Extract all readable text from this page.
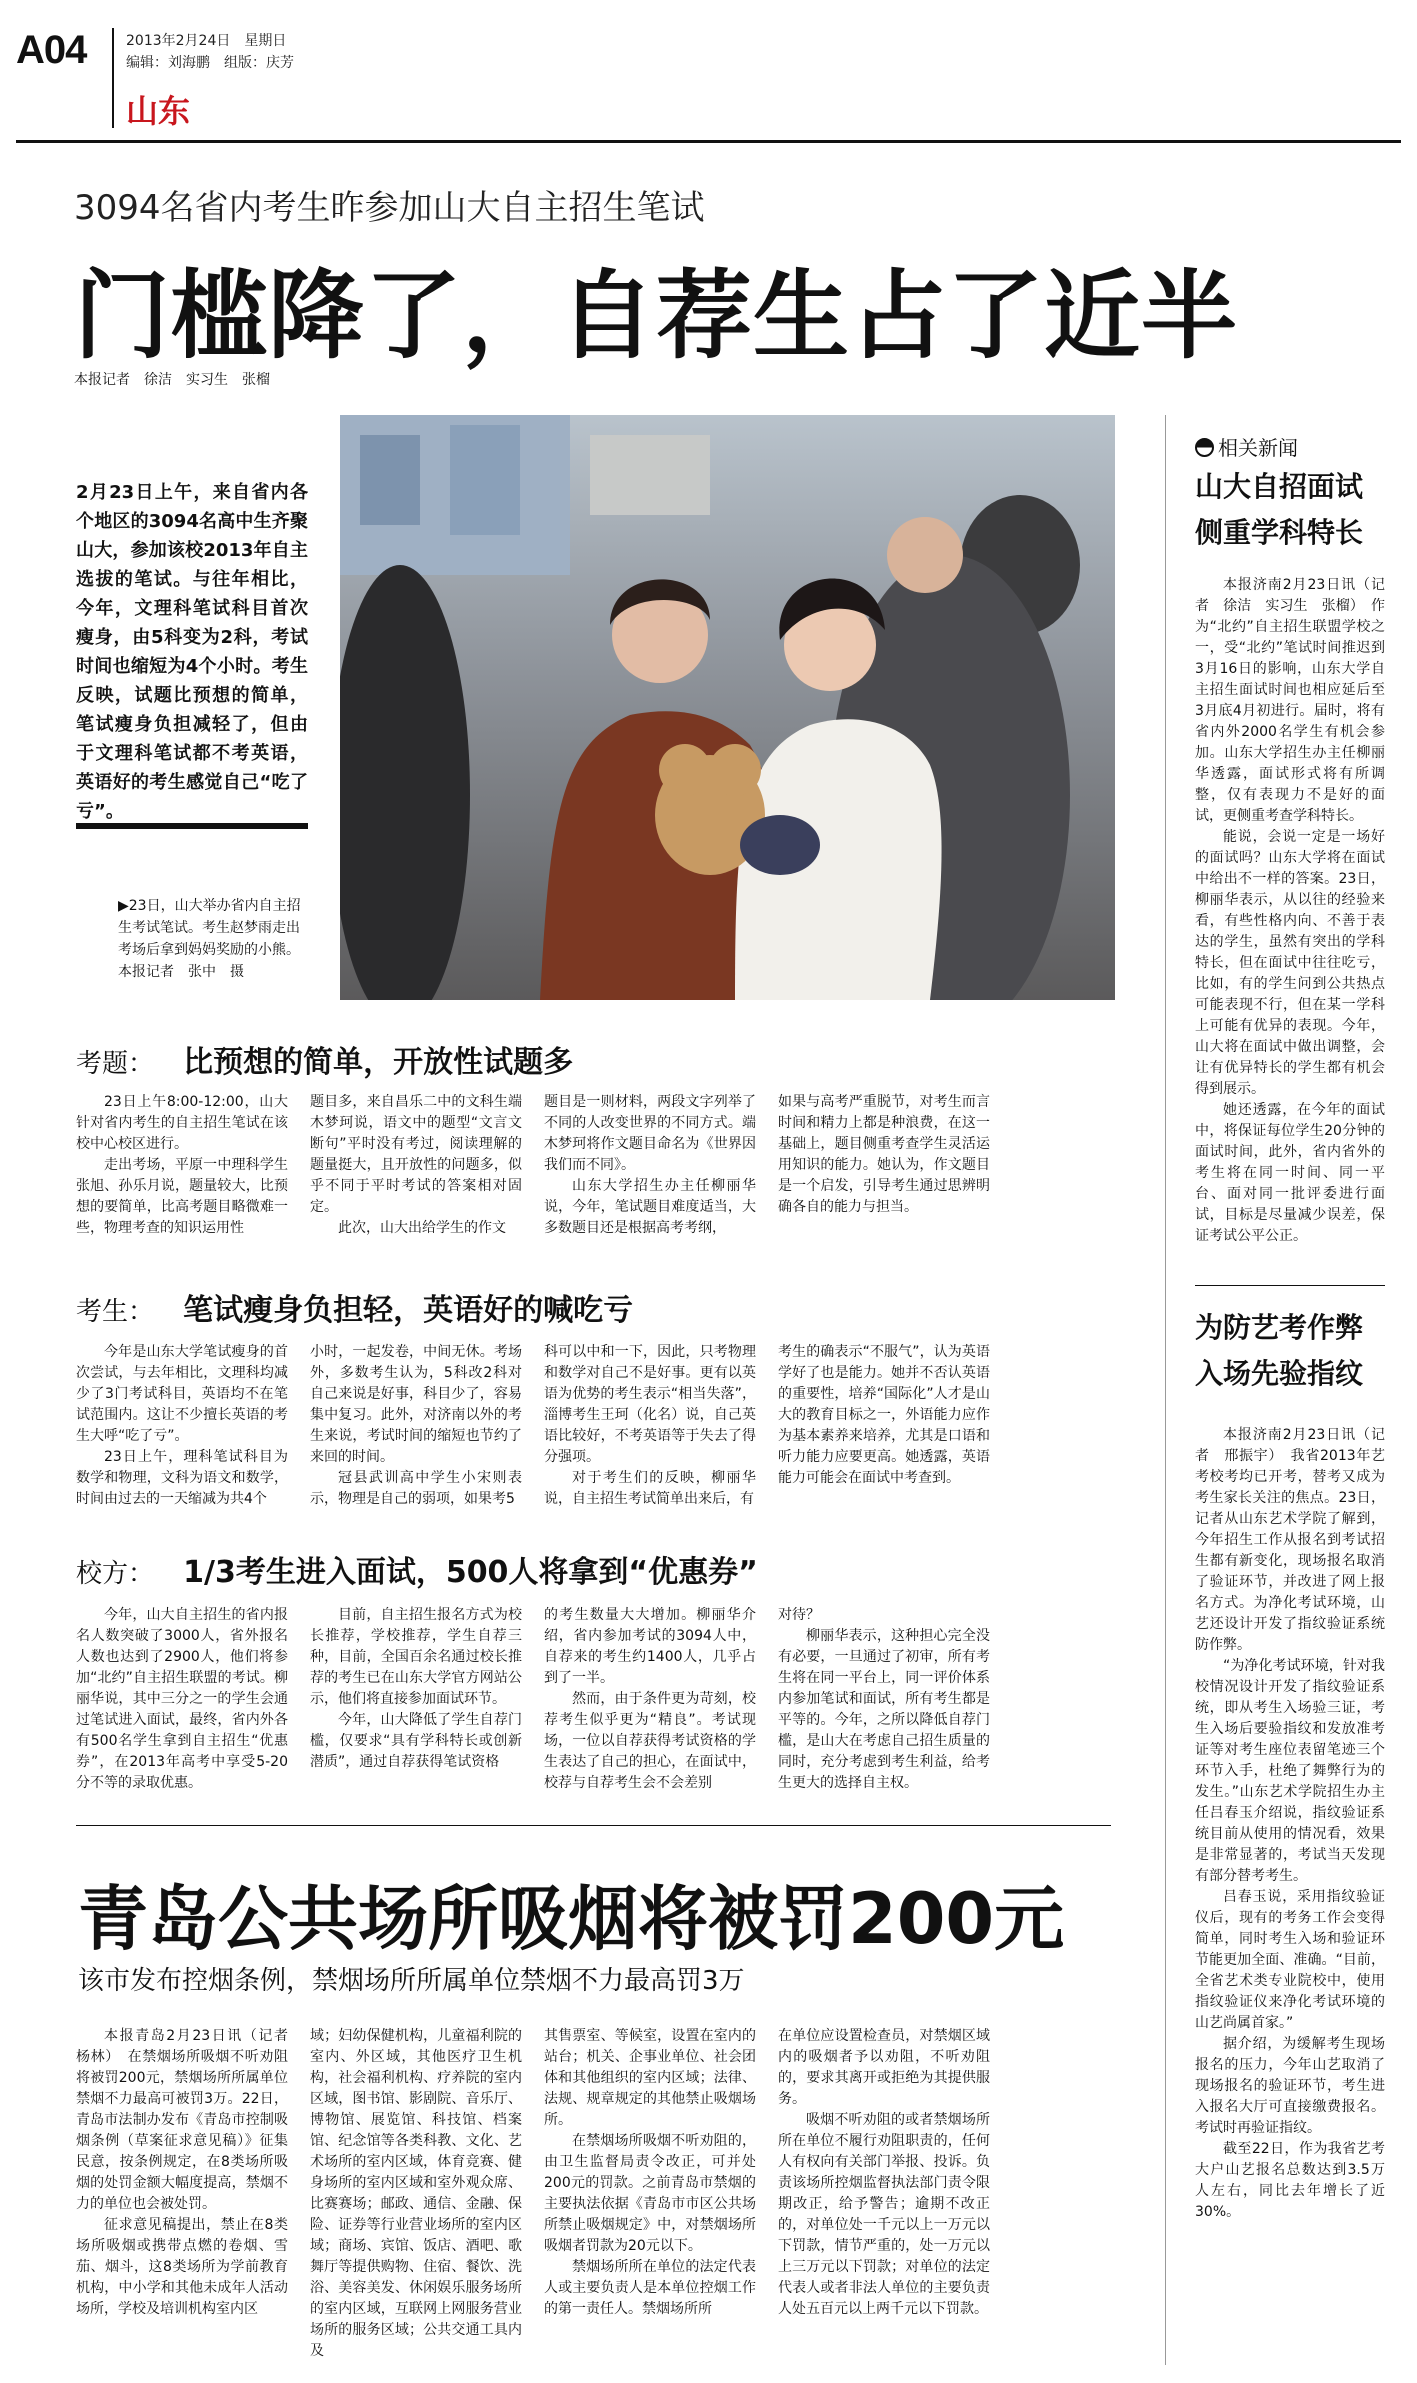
A04	2013年2月24日　星期日
编辑：刘海鹏　组版：庆芳
山东
3094名省内考生昨参加山大自主招生笔试
门槛降了，自荐生占了近半
本报记者　徐洁　实习生　张榴
2月23日上午，来自省内各个地区的3094名高中生齐聚山大，参加该校2013年自主选拔的笔试。与往年相比，今年，文理科笔试科目首次瘦身，由5科变为2科，考试时间也缩短为4个小时。考生反映，试题比预想的简单，笔试瘦身负担减轻了，但由于文理科笔试都不考英语，英语好的考生感觉自己“吃了亏”。
▶23日，山大举办省内自主招生考试笔试。考生赵梦雨走出考场后拿到妈妈奖励的小熊。　本报记者　张中　摄
考题： 比预想的简单，开放性试题多

23日上午8:00-12:00，山大针对省内考生的自主招生笔试在该校中心校区进行。

走出考场，平原一中理科学生张旭、孙乐月说，题量较大，比预想的要简单，比高考题目略微难一些，物理考查的知识运用性

题目多，来自昌乐二中的文科生端木梦珂说，语文中的题型“文言文断句”平时没有考过，阅读理解的题量挺大，且开放性的问题多，似乎不同于平时考试的答案相对固定。

此次，山大出给学生的作文

题目是一则材料，两段文字列举了不同的人改变世界的不同方式。端木梦珂将作文题目命名为《世界因我们而不同》。

山东大学招生办主任柳丽华说，今年，笔试题目难度适当，大多数题目还是根据高考考纲，

如果与高考严重脱节，对考生而言时间和精力上都是种浪费，在这一基础上，题目侧重考查学生灵活运用知识的能力。她认为，作文题目是一个启发，引导考生通过思辨明确各自的能力与担当。

考生： 笔试瘦身负担轻，英语好的喊吃亏

今年是山东大学笔试瘦身的首次尝试，与去年相比，文理科均减少了3门考试科目，英语均不在笔试范围内。这让不少擅长英语的考生大呼“吃了亏”。

23日上午，理科笔试科目为数学和物理，文科为语文和数学，时间由过去的一天缩减为共4个

小时，一起发卷，中间无休。考场外，多数考生认为，5科改2科对自己来说是好事，科目少了，容易集中复习。此外，对济南以外的考生来说，考试时间的缩短也节约了来回的时间。

冠县武训高中学生小宋则表示，物理是自己的弱项，如果考5

科可以中和一下，因此，只考物理和数学对自己不是好事。更有以英语为优势的考生表示“相当失落”，淄博考生王珂（化名）说，自己英语比较好，不考英语等于失去了得分强项。

对于考生们的反映，柳丽华说，自主招生考试简单出来后，有

考生的确表示“不服气”，认为英语学好了也是能力。她并不否认英语的重要性，培养“国际化”人才是山大的教育目标之一，外语能力应作为基本素养来培养，尤其是口语和听力能力应要更高。她透露，英语能力可能会在面试中考查到。

校方： 1/3考生进入面试，500人将拿到“优惠券”

今年，山大自主招生的省内报名人数突破了3000人，省外报名人数也达到了2900人，他们将参加“北约”自主招生联盟的考试。柳丽华说，其中三分之一的学生会通过笔试进入面试，最终，省内外各有500名学生拿到自主招生“优惠券”，在2013年高考中享受5-20分不等的录取优惠。

目前，自主招生报名方式为校长推荐，学校推荐，学生自荐三种，目前，全国百余名通过校长推荐的考生已在山东大学官方网站公示，他们将直接参加面试环节。

今年，山大降低了学生自荐门槛，仅要求“具有学科特长或创新潜质”，通过自荐获得笔试资格

的考生数量大大增加。柳丽华介绍，省内参加考试的3094人中，自荐来的考生约1400人，几乎占到了一半。

然而，由于条件更为苛刻，校荐考生似乎更为“精良”。考试现场，一位以自荐获得考试资格的学生表达了自己的担心，在面试中，校荐与自荐考生会不会差别

对待？

柳丽华表示，这种担心完全没有必要，一旦通过了初审，所有考生将在同一平台上，同一评价体系内参加笔试和面试，所有考生都是平等的。今年，之所以降低自荐门槛，是山大在考虑自己招生质量的同时，充分考虑到考生利益，给考生更大的选择自主权。

青岛公共场所吸烟将被罚200元
该市发布控烟条例，禁烟场所所属单位禁烟不力最高罚3万

本报青岛2月23日讯（记者　杨林）　在禁烟场所吸烟不听劝阻将被罚200元，禁烟场所所属单位禁烟不力最高可被罚3万。22日，青岛市法制办发布《青岛市控制吸烟条例（草案征求意见稿）》征集民意，按条例规定，在8类场所吸烟的处罚金额大幅度提高，禁烟不力的单位也会被处罚。

征求意见稿提出，禁止在8类场所吸烟或携带点燃的卷烟、雪茄、烟斗，这8类场所为学前教育机构，中小学和其他未成年人活动场所，学校及培训机构室内区

域；妇幼保健机构，儿童福利院的室内、外区域，其他医疗卫生机构，社会福利机构、疗养院的室内区域，图书馆、影剧院、音乐厅、博物馆、展览馆、科技馆、档案馆、纪念馆等各类科教、文化、艺术场所的室内区域，体育竞赛、健身场所的室内区域和室外观众席、比赛赛场；邮政、通信、金融、保险、证券等行业营业场所的室内区域；商场、宾馆、饭店、酒吧、歌舞厅等提供购物、住宿、餐饮、洗浴、美容美发、休闲娱乐服务场所的室内区域，互联网上网服务营业场所的服务区域；公共交通工具内及

其售票室、等候室，设置在室内的站台；机关、企事业单位、社会团体和其他组织的室内区域；法律、法规、规章规定的其他禁止吸烟场所。

在禁烟场所吸烟不听劝阻的，由卫生监督局责令改正，可并处200元的罚款。之前青岛市禁烟的主要执法依据《青岛市市区公共场所禁止吸烟规定》中，对禁烟场所吸烟者罚款为20元以下。

禁烟场所所在单位的法定代表人或主要负责人是本单位控烟工作的第一责任人。禁烟场所所

在单位应设置检查员，对禁烟区域内的吸烟者予以劝阻，不听劝阻的，要求其离开或拒绝为其提供服务。

吸烟不听劝阻的或者禁烟场所所在单位不履行劝阻职责的，任何人有权向有关部门举报、投诉。负责该场所控烟监督执法部门责令限期改正，给予警告；逾期不改正的，对单位处一千元以上一万元以下罚款，情节严重的，处一万元以上三万元以下罚款；对单位的法定代表人或者非法人单位的主要负责人处五百元以上两千元以下罚款。

相关新闻
山大自招面试
侧重学科特长

本报济南2月23日讯（记者　徐洁　实习生　张榴）　作为“北约”自主招生联盟学校之一，受“北约”笔试时间推迟到3月16日的影响，山东大学自主招生面试时间也相应延后至3月底4月初进行。届时，将有省内外2000名学生有机会参加。山东大学招生办主任柳丽华透露，面试形式将有所调整，仅有表现力不是好的面试，更侧重考查学科特长。

能说，会说一定是一场好的面试吗？山东大学将在面试中给出不一样的答案。23日，柳丽华表示，从以往的经验来看，有些性格内向、不善于表达的学生，虽然有突出的学科特长，但在面试中往往吃亏，比如，有的学生问到公共热点可能表现不行，但在某一学科上可能有优异的表现。今年，山大将在面试中做出调整，会让有优异特长的学生都有机会得到展示。

她还透露，在今年的面试中，将保证每位学生20分钟的面试时间，此外，省内省外的考生将在同一时间、同一平台、面对同一批评委进行面试，目标是尽量减少误差，保证考试公平公正。

为防艺考作弊
入场先验指纹

本报济南2月23日讯（记者　邢振宇）　我省2013年艺考校考均已开考，替考又成为考生家长关注的焦点。23日，记者从山东艺术学院了解到，今年招生工作从报名到考试招生都有新变化，现场报名取消了验证环节，并改进了网上报名方式。为净化考试环境，山艺还设计开发了指纹验证系统防作弊。

“为净化考试环境，针对我校情况设计开发了指纹验证系统，即从考生入场验三证，考生入场后要验指纹和发放准考证等对考生座位表留笔迹三个环节入手，杜绝了舞弊行为的发生。”山东艺术学院招生办主任吕春玉介绍说，指纹验证系统目前从使用的情况看，效果是非常显著的，考试当天发现有部分替考考生。

吕春玉说，采用指纹验证仪后，现有的考务工作会变得简单，同时考生入场和验证环节能更加全面、准确。“目前，全省艺术类专业院校中，使用指纹验证仪来净化考试环境的山艺尚属首家。”

据介绍，为缓解考生现场报名的压力，今年山艺取消了现场报名的验证环节，考生进入报名大厅可直接缴费报名。考试时再验证指纹。

截至22日，作为我省艺考大户山艺报名总数达到3.5万人左右，同比去年增长了近30%。
